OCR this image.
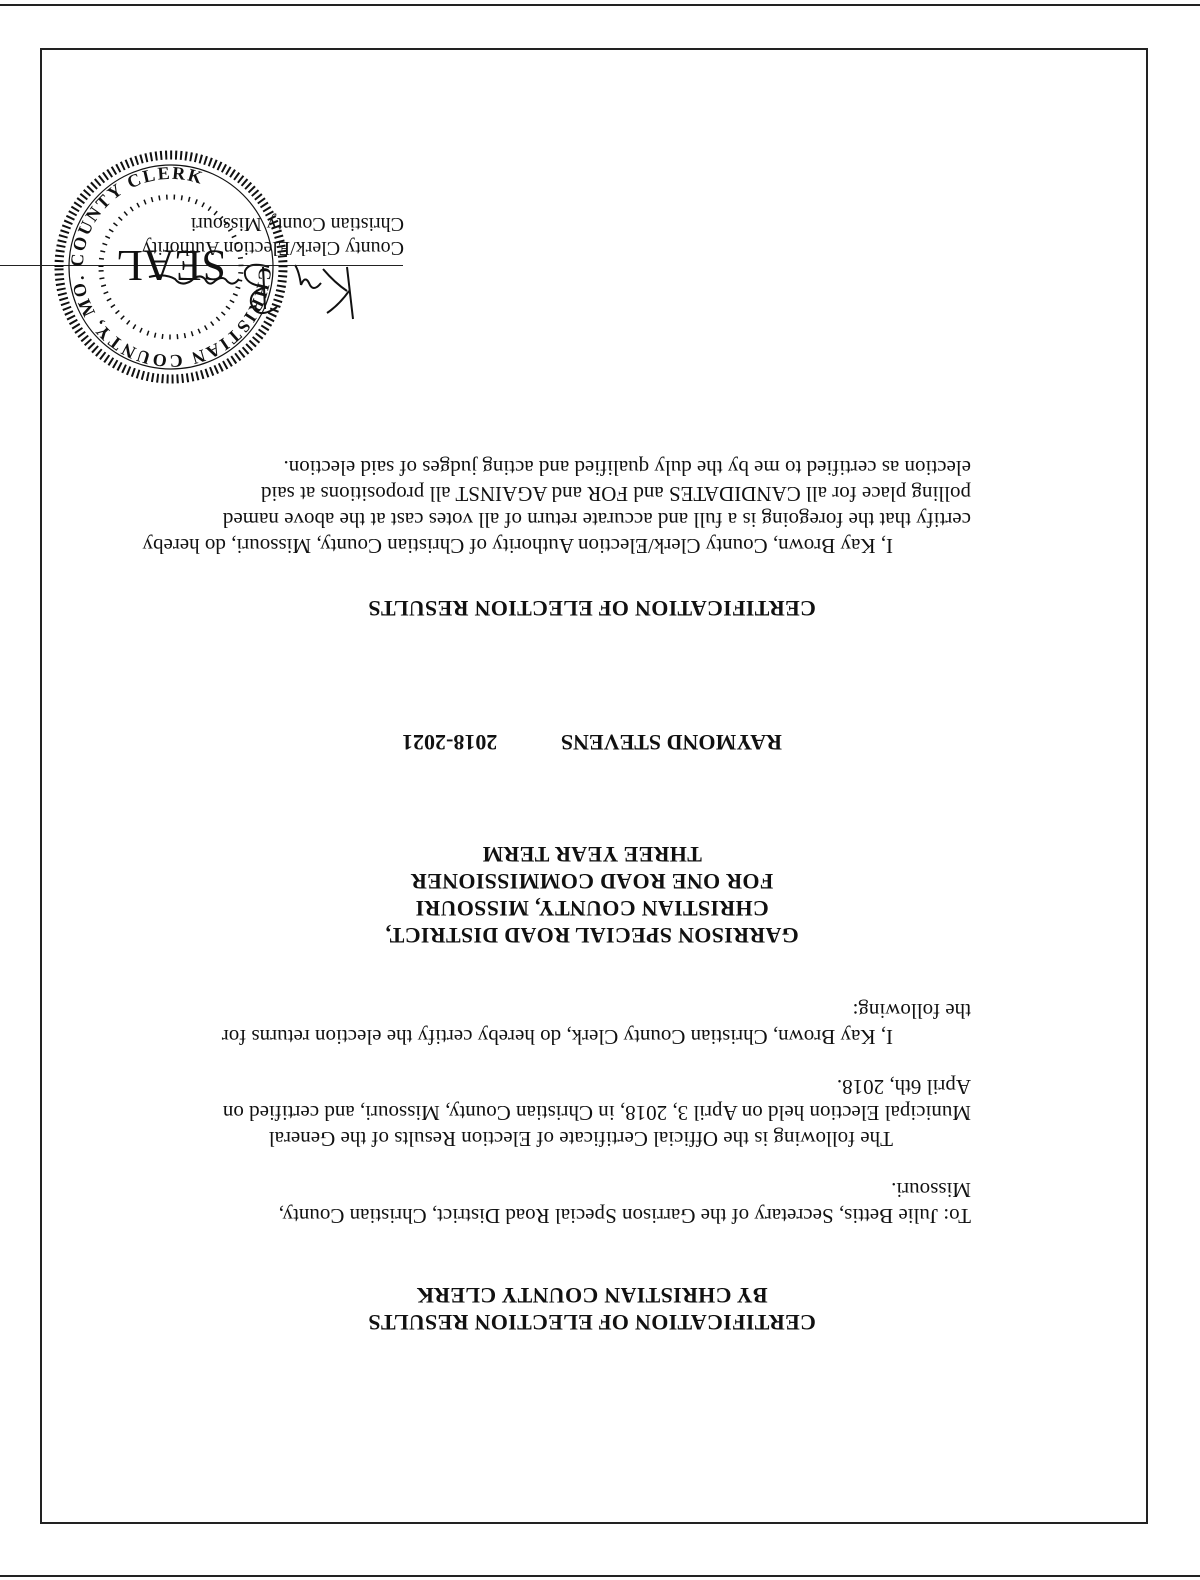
CERTIFICATION OF ELECTION RESULTS
BY CHRISTIAN COUNTY CLERK
To: Julie Bettis, Secretary of the Garrison Special Road District, Christian County,
Missouri.
The following is the Official Certificate of Election Results of the General
Municipal Election held on April 3, 2018, in Christian County, Missouri, and certified on
April 6th, 2018.
I, Kay Brown, Christian County Clerk, do hereby certify the election returns for
the following:
GARRISON SPECIAL ROAD DISTRICT,
CHRISTIAN COUNTY, MISSOURI
FOR ONE ROAD COMMISSIONER
THREE YEAR TERM
RAYMOND STEVENS 2018-2021
CERTIFICATION OF ELECTION RESULTS
I, Kay Brown, County Clerk/Election Authority of Christian County, Missouri, do hereby
certify that the foregoing is a full and accurate return of all votes cast at the above named
polling place for all CANDIDATES and FOR and AGAINST all propositions at said
election as certified to me by the duly qualified and acting judges of said election.
County Clerk/Election Authority
Christian County Missouri
CHRISTIAN COUNTY, MO. COUNTY CLERK
SEAL
